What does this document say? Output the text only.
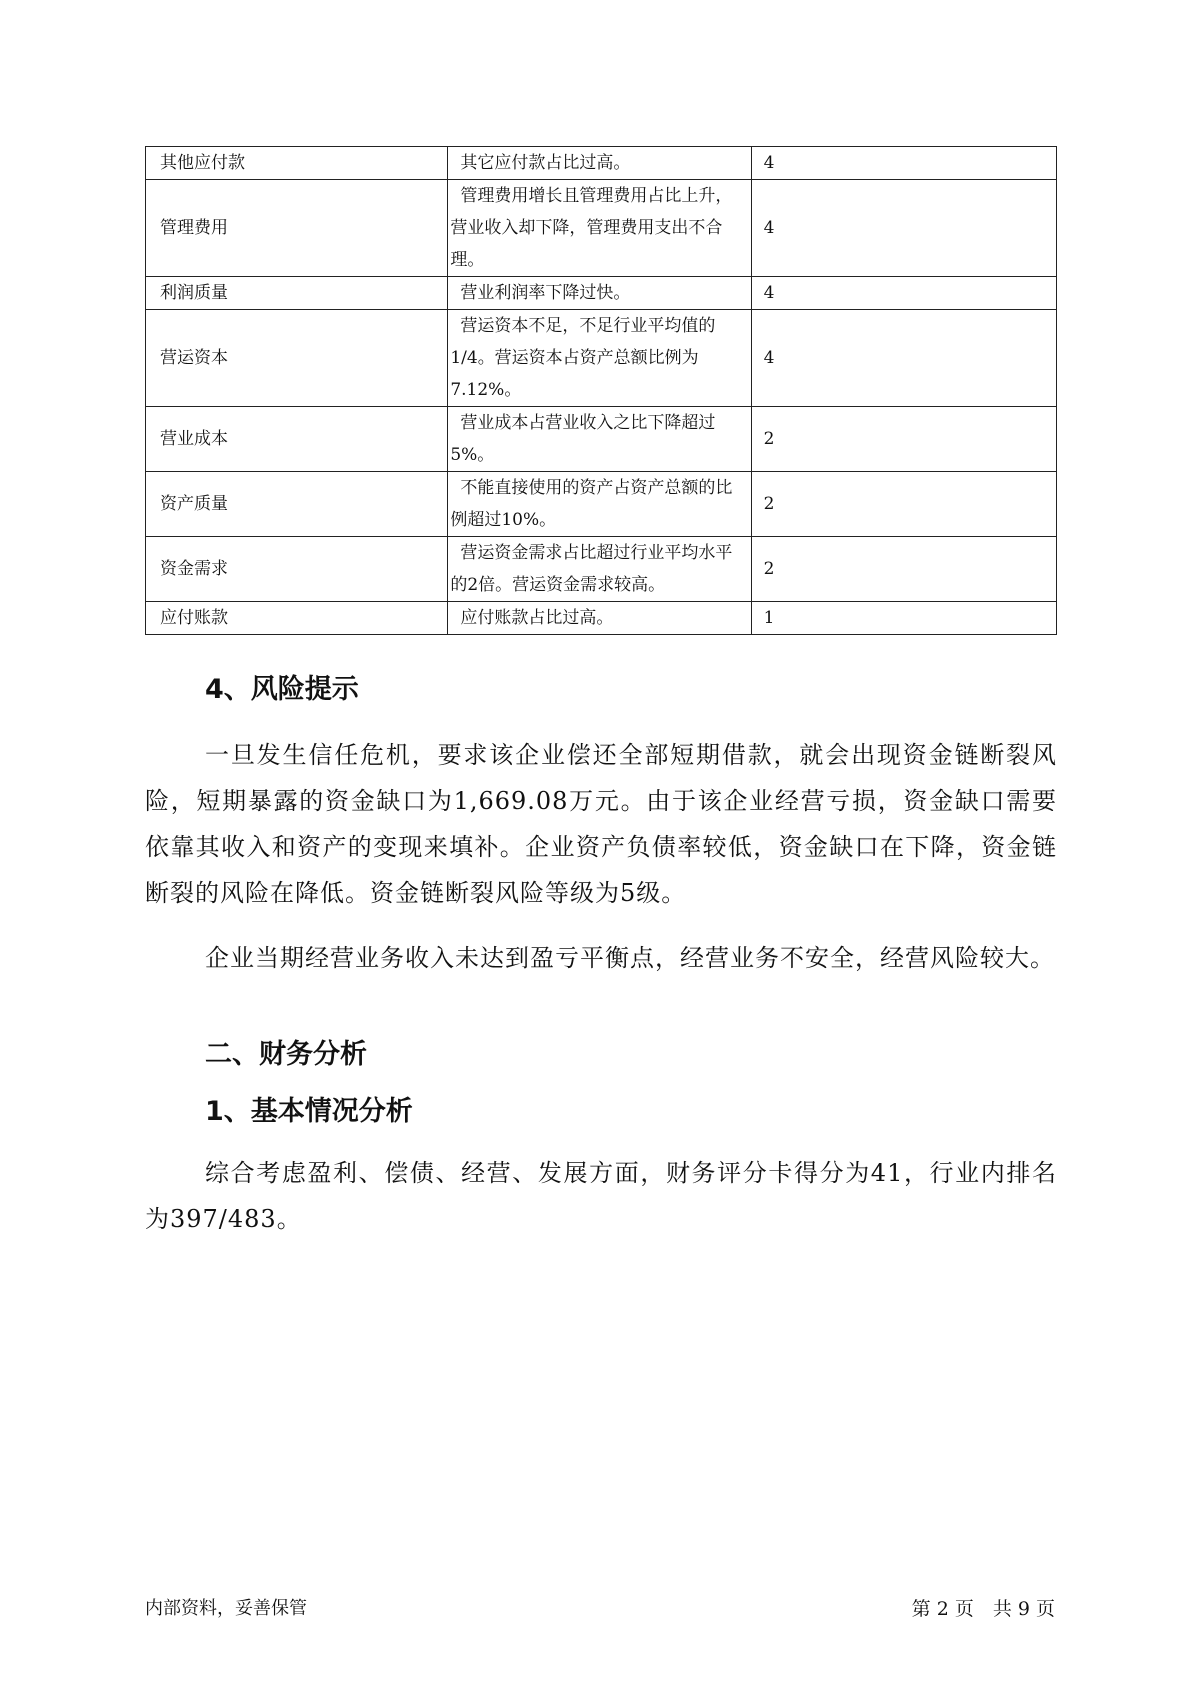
其他应付款	其它应付款占比过高。	4
管理费用	管理费用增长且管理费用占比上升，营业收入却下降，管理费用支出不合理。	4
利润质量	营业利润率下降过快。	4
营运资本	营运资本不足，不足行业平均值的1/4。营运资本占资产总额比例为7.12%。	4
营业成本	营业成本占营业收入之比下降超过5%。	2
资产质量	不能直接使用的资产占资产总额的比例超过10%。	2
资金需求	营运资金需求占比超过行业平均水平的2倍。营运资金需求较高。	2
应付账款	应付账款占比过高。	1
4、风险提示
一旦发生信任危机，要求该企业偿还全部短期借款，就会出现资金链断裂风险，短期暴露的资金缺口为1,669.08万元。由于该企业经营亏损，资金缺口需要依靠其收入和资产的变现来填补。企业资产负债率较低，资金缺口在下降，资金链断裂的风险在降低。资金链断裂风险等级为5级。
企业当期经营业务收入未达到盈亏平衡点，经营业务不安全，经营风险较大。
二、财务分析
1、基本情况分析
综合考虑盈利、偿债、经营、发展方面，财务评分卡得分为41，行业内排名为397/483。
内部资料，妥善保管	第 2 页　共 9 页
